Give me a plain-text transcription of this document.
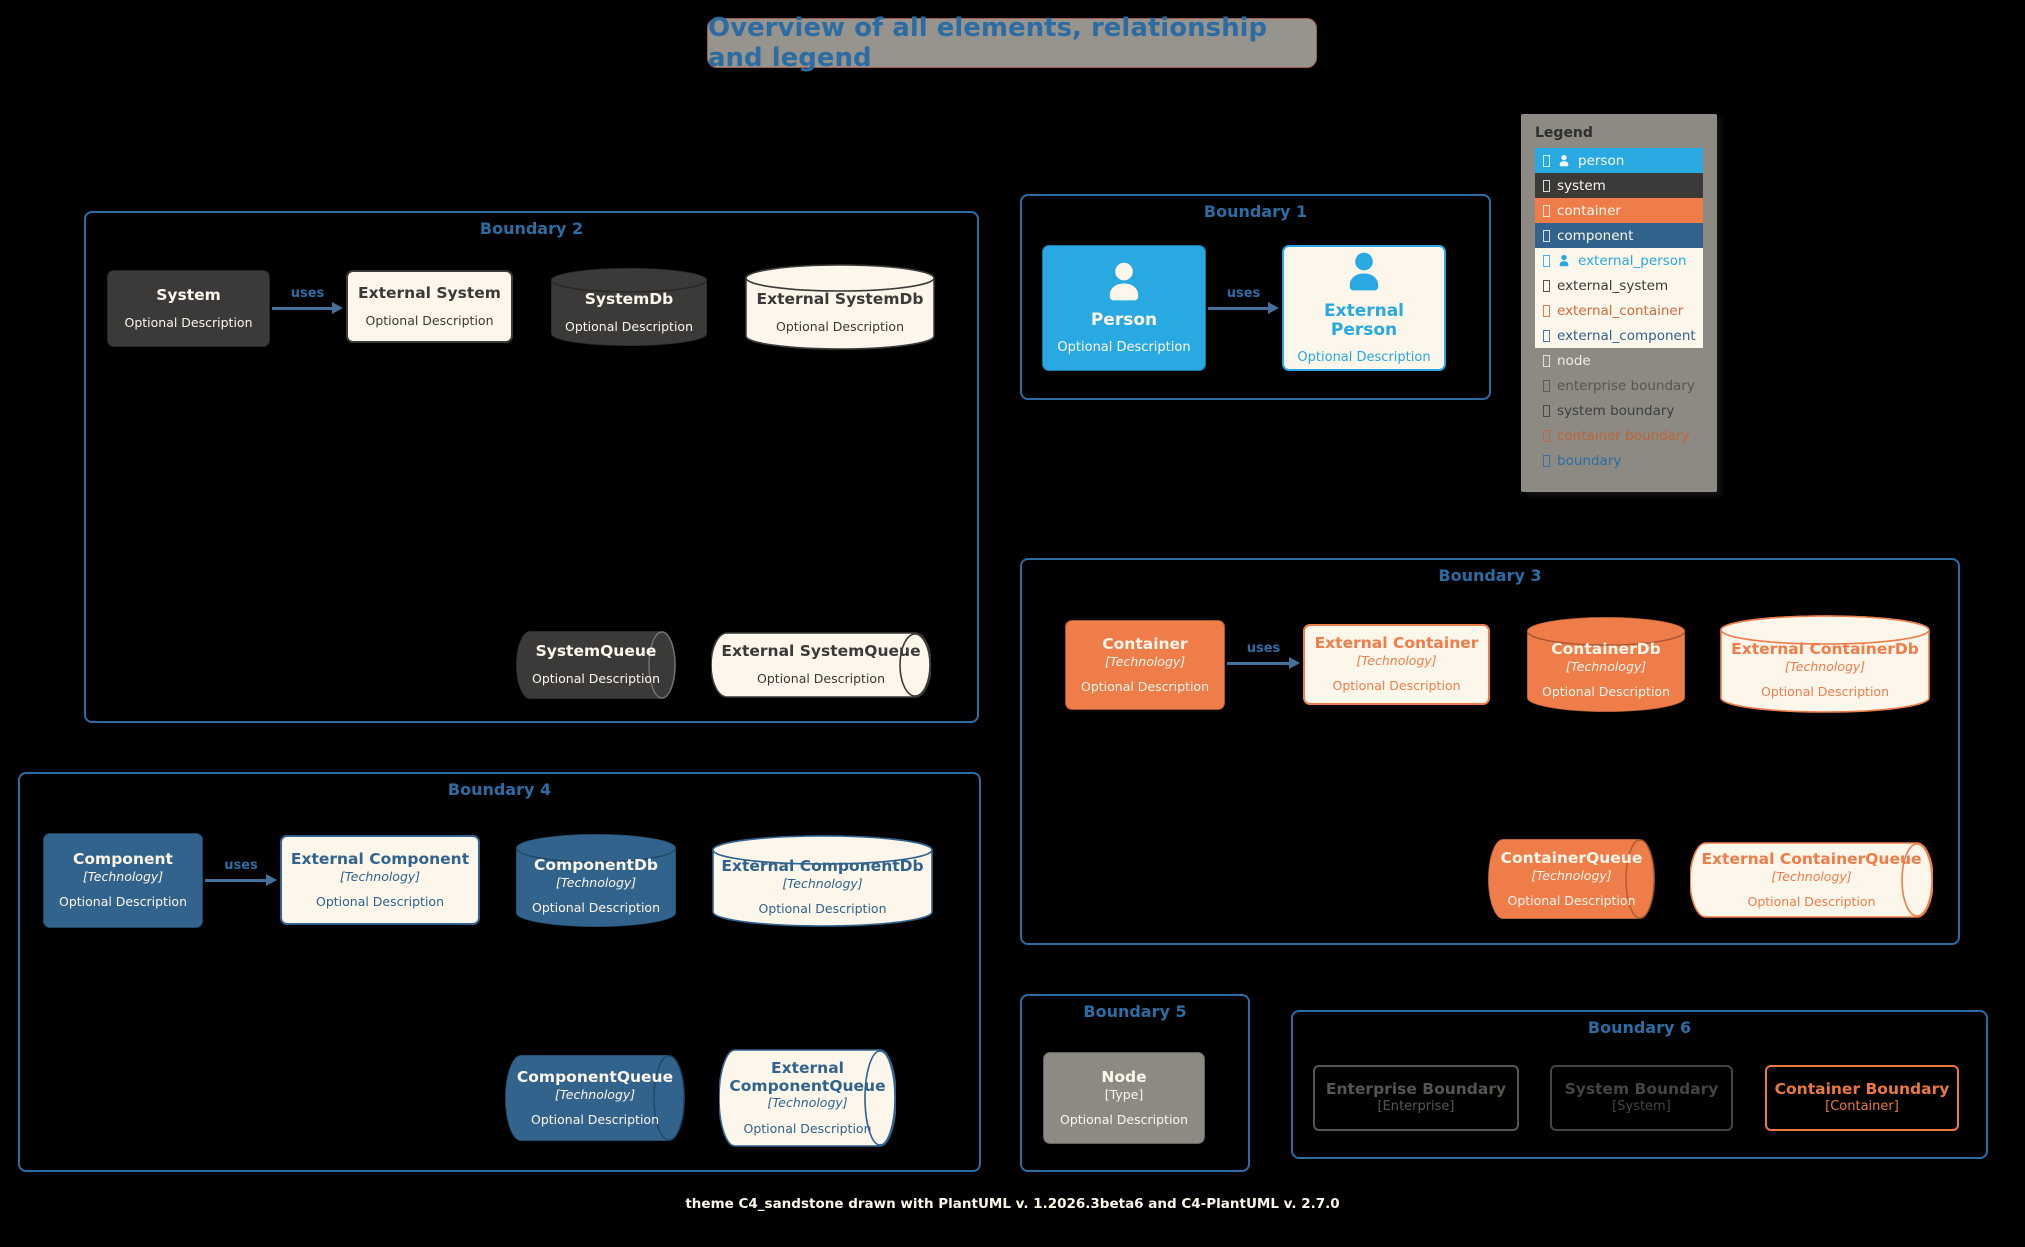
Overview of all elements, relationship and legend
Boundary 1
Boundary 2
Boundary 3
Boundary 4
Boundary 5
Boundary 6
Person
Optional Description
External Person
Optional Description
System
Optional Description
External System
Optional Description
SystemDb
Optional Description
External SystemDb
Optional Description
SystemQueue
Optional Description
External SystemQueue
Optional Description
Container
[Technology]
Optional Description
External Container
[Technology]
Optional Description
ContainerDb
[Technology]
Optional Description
External ContainerDb
[Technology]
Optional Description
ContainerQueue
[Technology]
Optional Description
External ContainerQueue
[Technology]
Optional Description
Component
[Technology]
Optional Description
External Component
[Technology]
Optional Description
ComponentDb
[Technology]
Optional Description
External ComponentDb
[Technology]
Optional Description
ComponentQueue
[Technology]
Optional Description
External ComponentQueue
[Technology]
Optional Description
Node
[Type]
Optional Description
Enterprise Boundary
[Enterprise]
System Boundary
[System]
Container Boundary
[Container]
uses	uses
uses
uses
Legend
person
system
container
component
external_person
external_system
external_container
external_component
node
enterprise boundary
system boundary
container boundary
boundary
theme C4_sandstone drawn with PlantUML v. 1.2026.3beta6 and C4-PlantUML v. 2.7.0
